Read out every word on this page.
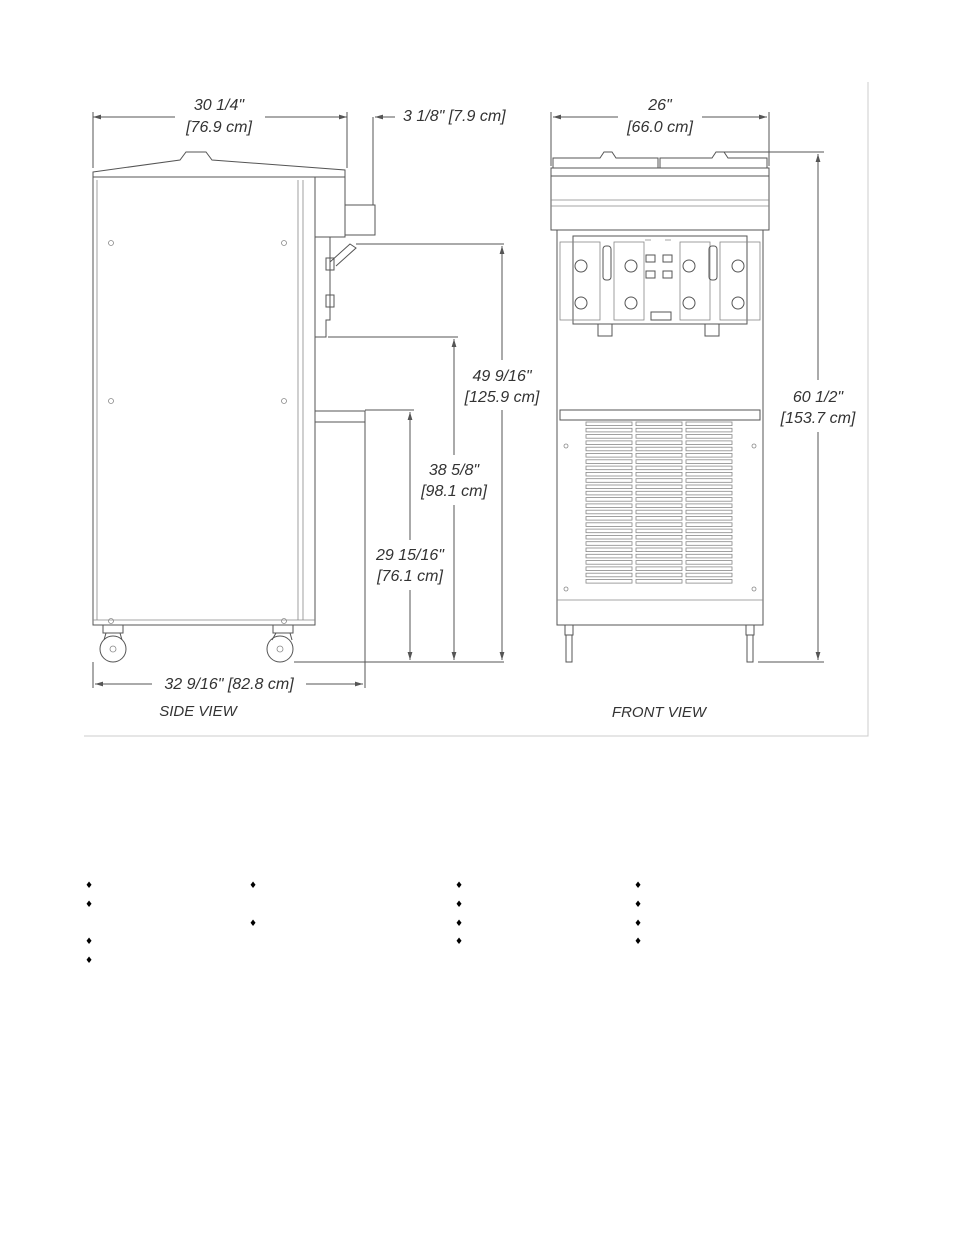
30 1/4"
[76.9 cm]
3 1/8" [7.9 cm]
49 9/16"
[125.9 cm]
38 5/8"
[98.1 cm]
29 15/16"
[76.1 cm]
32 9/16" [82.8 cm]
SIDE VIEW
26"
[66.0 cm]
60 1/2"
[153.7 cm]
FRONT VIEW
♦
♦
♦
♦
♦
♦
♦
♦
♦
♦
♦
♦
♦
♦
